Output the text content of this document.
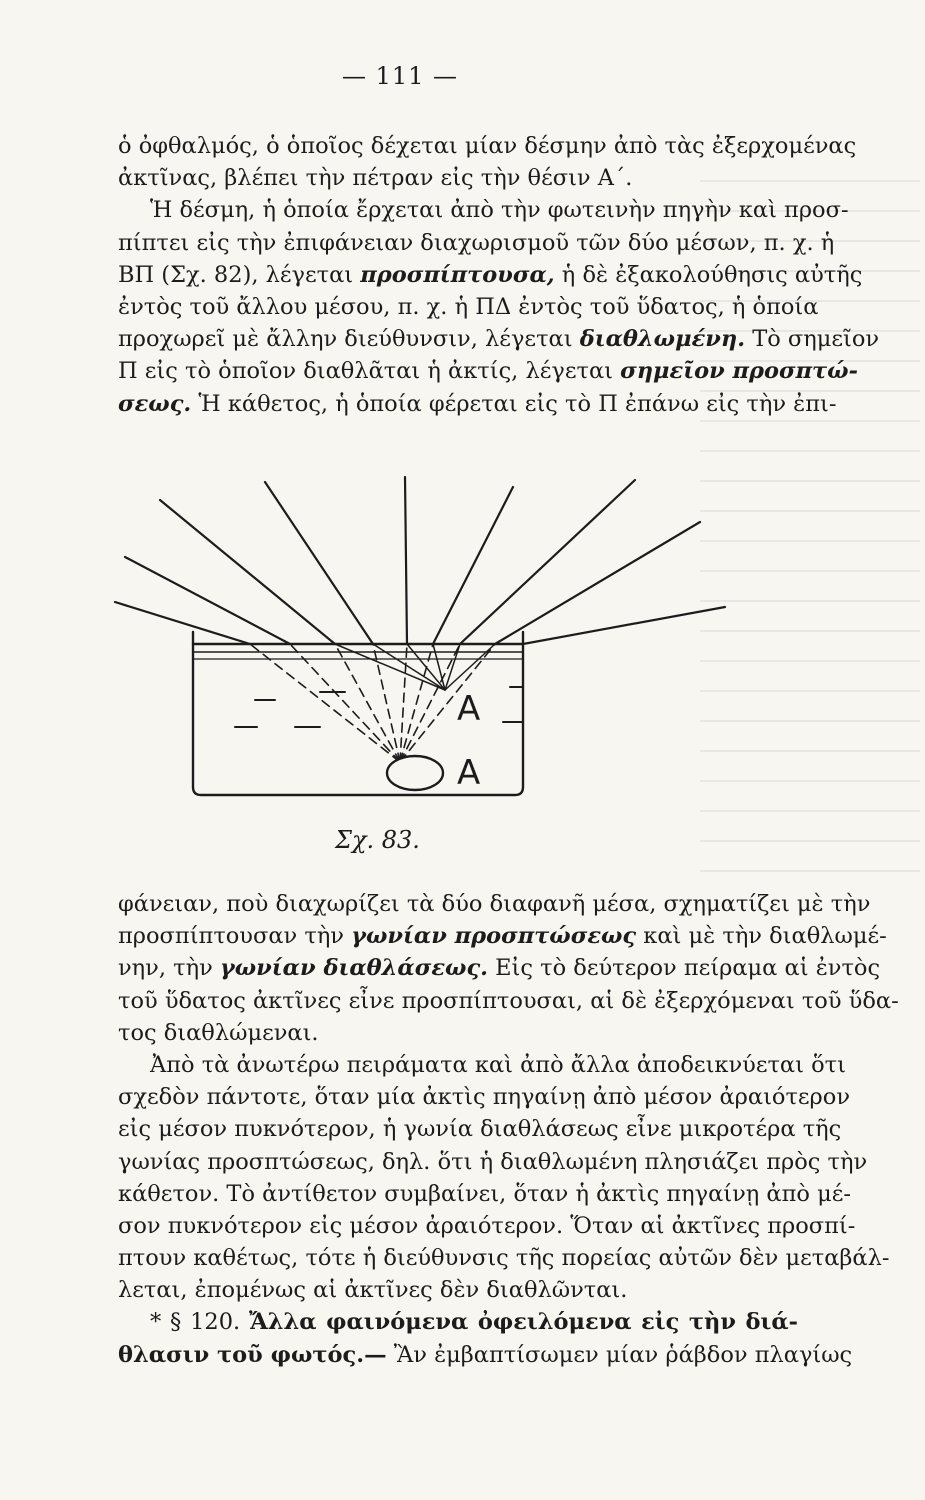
— 111 —
ὁ ὀφθαλμός, ὁ ὁποῖος δέχεται μίαν δέσμην ἀπὸ τὰς ἐξερχομένας
ἀκτῖνας, βλέπει τὴν πέτραν εἰς τὴν θέσιν Α΄.
Ἡ δέσμη, ἡ ὁποία ἔρχεται ἀπὸ τὴν φωτεινὴν πηγὴν καὶ προσ-
πίπτει εἰς τὴν ἐπιφάνειαν διαχωρισμοῦ τῶν δύο μέσων, π. χ. ἡ
ΒΠ (Σχ. 82), λέγεται προσπίπτουσα, ἡ δὲ ἐξακολούθησις αὐτῆς
ἐντὸς τοῦ ἄλλου μέσου, π. χ. ἡ ΠΔ ἐντὸς τοῦ ὕδατος, ἡ ὁποία
προχωρεῖ μὲ ἄλλην διεύθυνσιν, λέγεται διαθλωμένη. Τὸ σημεῖον
Π εἰς τὸ ὁποῖον διαθλᾶται ἡ ἀκτίς, λέγεται σημεῖον προσπτώ-
σεως. Ἡ κάθετος, ἡ ὁποία φέρεται εἰς τὸ Π ἐπάνω εἰς τὴν ἐπι-
Α
Α
Σχ. 83.
φάνειαν, ποὺ διαχωρίζει τὰ δύο διαφανῆ μέσα, σχηματίζει μὲ τὴν
προσπίπτουσαν τὴν γωνίαν προσπτώσεως καὶ μὲ τὴν διαθλωμέ-
νην, τὴν γωνίαν διαθλάσεως. Εἰς τὸ δεύτερον πείραμα αἱ ἐντὸς
τοῦ ὕδατος ἀκτῖνες εἶνε προσπίπτουσαι, αἱ δὲ ἐξερχόμεναι τοῦ ὕδα-
τος διαθλώμεναι.
Ἀπὸ τὰ ἀνωτέρω πειράματα καὶ ἀπὸ ἄλλα ἀποδεικνύεται ὅτι
σχεδὸν πάντοτε, ὅταν μία ἀκτὶς πηγαίνῃ ἀπὸ μέσον ἀραιότερον
εἰς μέσον πυκνότερον, ἡ γωνία διαθλάσεως εἶνε μικροτέρα τῆς
γωνίας προσπτώσεως, δηλ. ὅτι ἡ διαθλωμένη πλησιάζει πρὸς τὴν
κάθετον. Τὸ ἀντίθετον συμβαίνει, ὅταν ἡ ἀκτὶς πηγαίνῃ ἀπὸ μέ-
σον πυκνότερον εἰς μέσον ἀραιότερον. Ὅταν αἱ ἀκτῖνες προσπί-
πτουν καθέτως, τότε ἡ διεύθυνσις τῆς πορείας αὐτῶν δὲν μεταβάλ-
λεται, ἐπομένως αἱ ἀκτῖνες δὲν διαθλῶνται.
* § 120. Ἄλλα φαινόμενα ὀφειλόμενα εἰς τὴν διά-
θλασιν τοῦ φωτός.— Ἂν ἐμβαπτίσωμεν μίαν ῥάβδον πλαγίως
